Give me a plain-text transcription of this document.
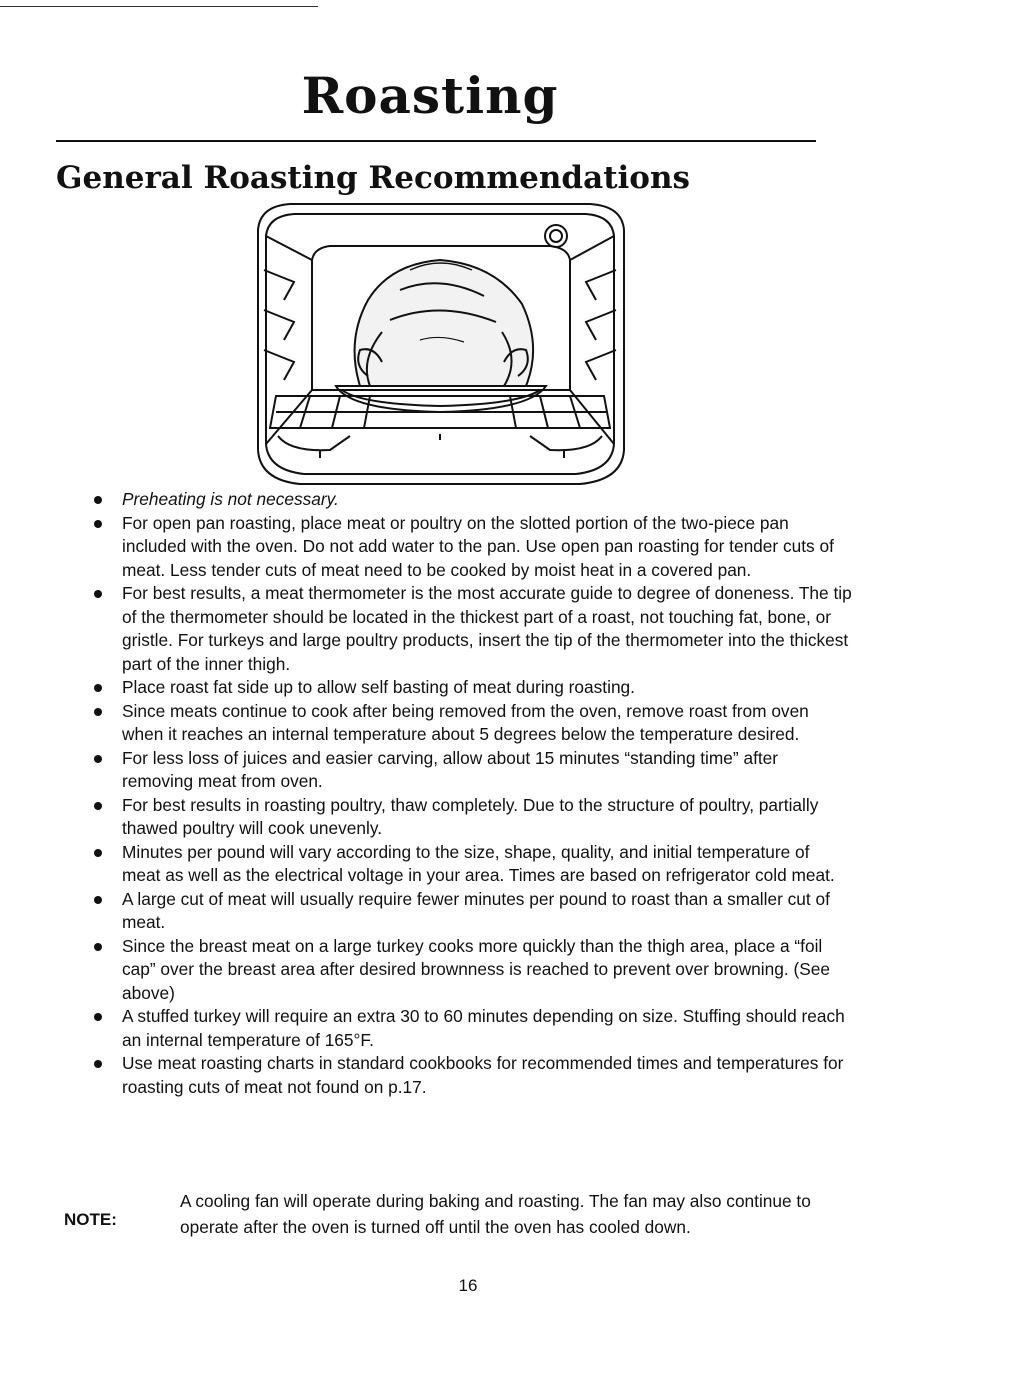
Roasting
General Roasting Recommendations
Preheating is not necessary.
For open pan roasting, place meat or poultry on the slotted portion of the two-piece pan included with the oven. Do not add water to the pan. Use open pan roasting for tender cuts of meat. Less tender cuts of meat need to be cooked by moist heat in a covered pan.
For best results, a meat thermometer is the most accurate guide to degree of doneness. The tip of the thermometer should be located in the thickest part of a roast, not touching fat, bone, or gristle. For turkeys and large poultry products, insert the tip of the thermometer into the thickest part of the inner thigh.
Place roast fat side up to allow self basting of meat during roasting.
Since meats continue to cook after being removed from the oven, remove roast from oven when it reaches an internal temperature about 5 degrees below the temperature desired.
For less loss of juices and easier carving, allow about 15 minutes “standing time” after removing meat from oven.
For best results in roasting poultry, thaw completely. Due to the structure of poultry, partially thawed poultry will cook unevenly.
Minutes per pound will vary according to the size, shape, quality, and initial temperature of meat as well as the electrical voltage in your area. Times are based on refrigerator cold meat.
A large cut of meat will usually require fewer minutes per pound to roast than a smaller cut of meat.
Since the breast meat on a large turkey cooks more quickly than the thigh area, place a “foil cap” over the breast area after desired brownness is reached to prevent over browning. (See above)
A stuffed turkey will require an extra 30 to 60 minutes depending on size. Stuffing should reach an internal temperature of 165°F.
Use meat roasting charts in standard cookbooks for recommended times and temperatures for roasting cuts of meat not found on p.17.
NOTE:
A cooling fan will operate during baking and roasting. The fan may also continue to operate after the oven is turned off until the oven has cooled down.
16
